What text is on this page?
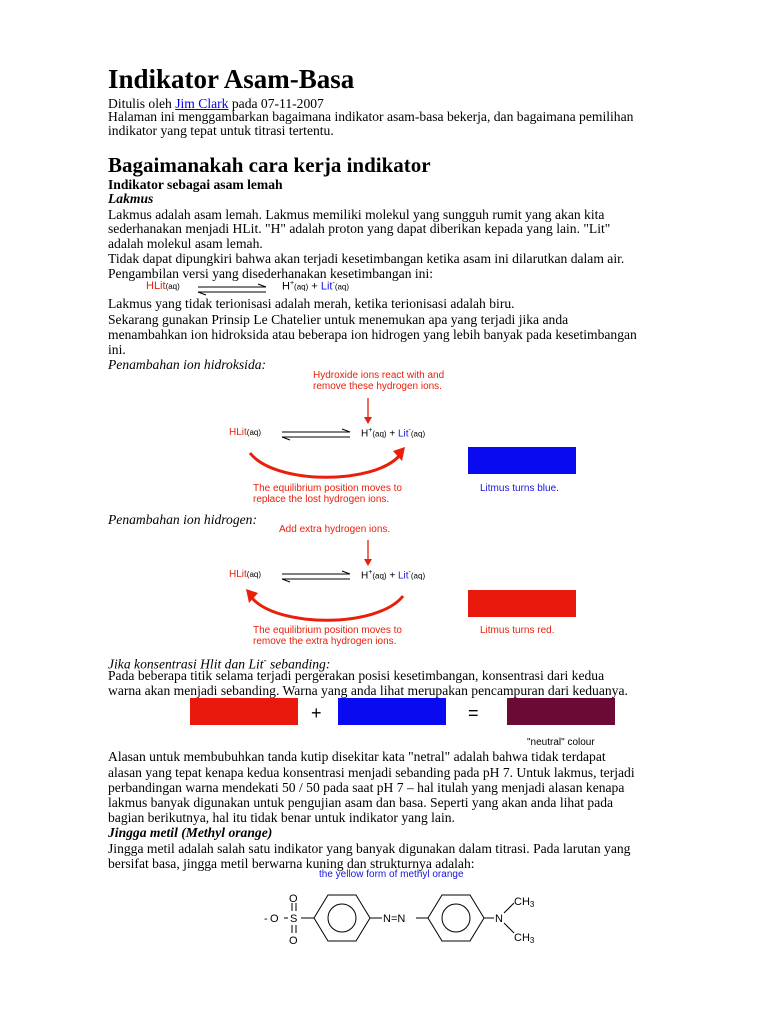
Indikator Asam-Basa
Ditulis oleh Jim Clark pada 07-11-2007
Halaman ini menggambarkan bagaimana indikator asam-basa bekerja, dan bagaimana pemilihan
indikator yang tepat untuk titrasi tertentu.
Bagaimanakah cara kerja indikator
Indikator sebagai asam lemah
Lakmus
Lakmus adalah asam lemah. Lakmus memiliki molekul yang sungguh rumit yang akan kita
sederhanakan menjadi HLit. "H" adalah proton yang dapat diberikan kepada yang lain. "Lit"
adalah molekul asam lemah.
Tidak dapat dipungkiri bahwa akan terjadi kesetimbangan ketika asam ini dilarutkan dalam air.
Pengambilan versi yang disederhanakan kesetimbangan ini:
HLit(aq)	H+(aq) + Lit-(aq)
Lakmus yang tidak terionisasi adalah merah, ketika terionisasi adalah biru.
Sekarang gunakan Prinsip Le Chatelier untuk menemukan apa yang terjadi jika anda
menambahkan ion hidroksida atau beberapa ion hidrogen yang lebih banyak pada kesetimbangan
ini.
Penambahan ion hidroksida:
Hydroxide ions react with and
remove these hydrogen ions.
HLit(aq)	H+(aq) + Lit-(aq)
The equilibrium position moves to
replace the lost hydrogen ions.
Litmus turns blue.
Penambahan ion hidrogen:
Add extra hydrogen ions.
HLit(aq)	H+(aq) + Lit-(aq)
The equilibrium position moves to
remove the extra hydrogen ions.
Litmus turns red.
Jika konsentrasi Hlit dan Lit- sebanding:
Pada beberapa titik selama terjadi pergerakan posisi kesetimbangan, konsentrasi dari kedua
warna akan menjadi sebanding. Warna yang anda lihat merupakan pencampuran dari keduanya.
+	=
"neutral" colour
Alasan untuk membubuhkan tanda kutip disekitar kata "netral" adalah bahwa tidak terdapat
alasan yang tepat kenapa kedua konsentrasi menjadi sebanding pada pH 7. Untuk lakmus, terjadi
perbandingan warna mendekati 50 / 50 pada saat pH 7 – hal itulah yang menjadi alasan kenapa
lakmus banyak digunakan untuk pengujian asam dan basa. Seperti yang akan anda lihat pada
bagian berikutnya, hal itu tidak benar untuk indikator yang lain.
Jingga metil (Methyl orange)
Jingga metil adalah salah satu indikator yang banyak digunakan dalam titrasi. Pada larutan yang
bersifat basa, jingga metil berwarna kuning dan strukturnya adalah:
the yellow form of methyl orange
- O
O
S
O
N=N	N
CH3
CH3
